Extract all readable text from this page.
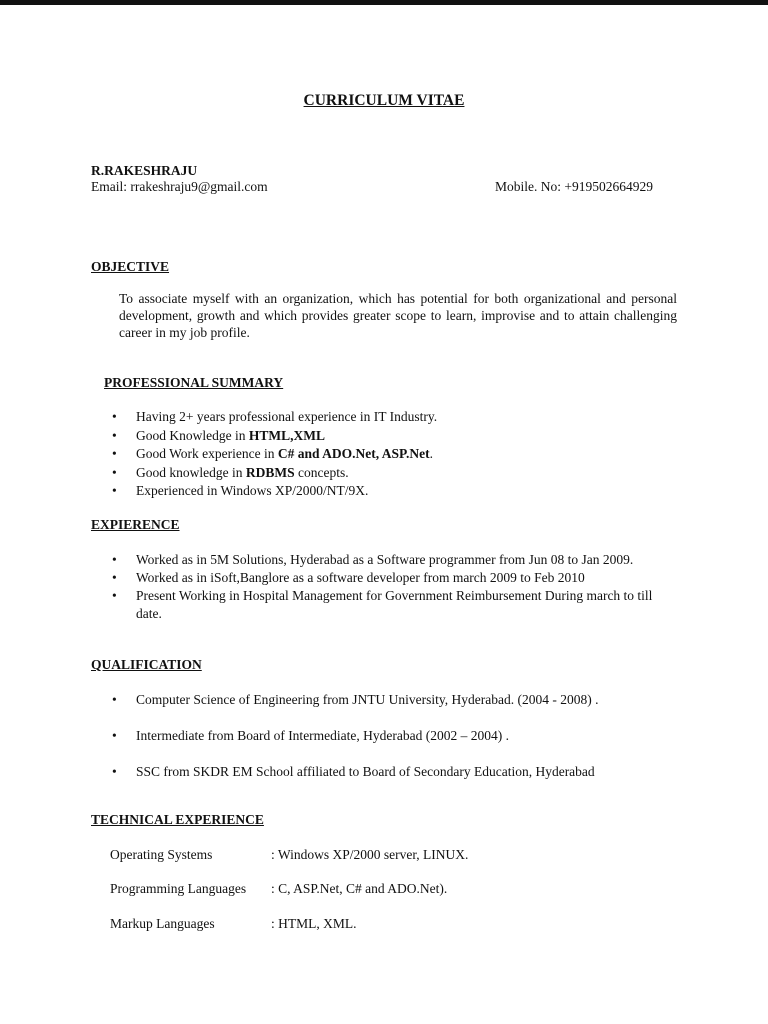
CURRICULUM VITAE
R.RAKESHRAJU
Email: rrakeshraju9@gmail.com	Mobile. No: +919502664929
OBJECTIVE
To associate myself with an organization, which has potential for both organizational and personal development, growth and which provides greater scope to learn, improvise and to attain challenging career in my job profile.
PROFESSIONAL SUMMARY
• Having 2+ years professional experience in IT Industry.
• Good Knowledge in HTML,XML
• Good Work experience in C# and ADO.Net, ASP.Net.
• Good knowledge in RDBMS concepts.
• Experienced in Windows XP/2000/NT/9X.
EXPIERENCE
• Worked as in 5M Solutions, Hyderabad as a Software programmer from Jun 08 to Jan 2009.
• Worked as in iSoft,Banglore as a software developer from march 2009 to Feb 2010
• Present Working in Hospital Management for Government Reimbursement During march to till date.
QUALIFICATION
• Computer Science of Engineering from JNTU University, Hyderabad. (2004 - 2008) .
• Intermediate from Board of Intermediate, Hyderabad (2002 – 2004) .
• SSC from SKDR EM School affiliated to Board of Secondary Education, Hyderabad
TECHNICAL EXPERIENCE
Operating Systems	: Windows XP/2000 server, LINUX.
Programming Languages : C, ASP.Net, C# and ADO.Net).
Markup Languages	: HTML, XML.
